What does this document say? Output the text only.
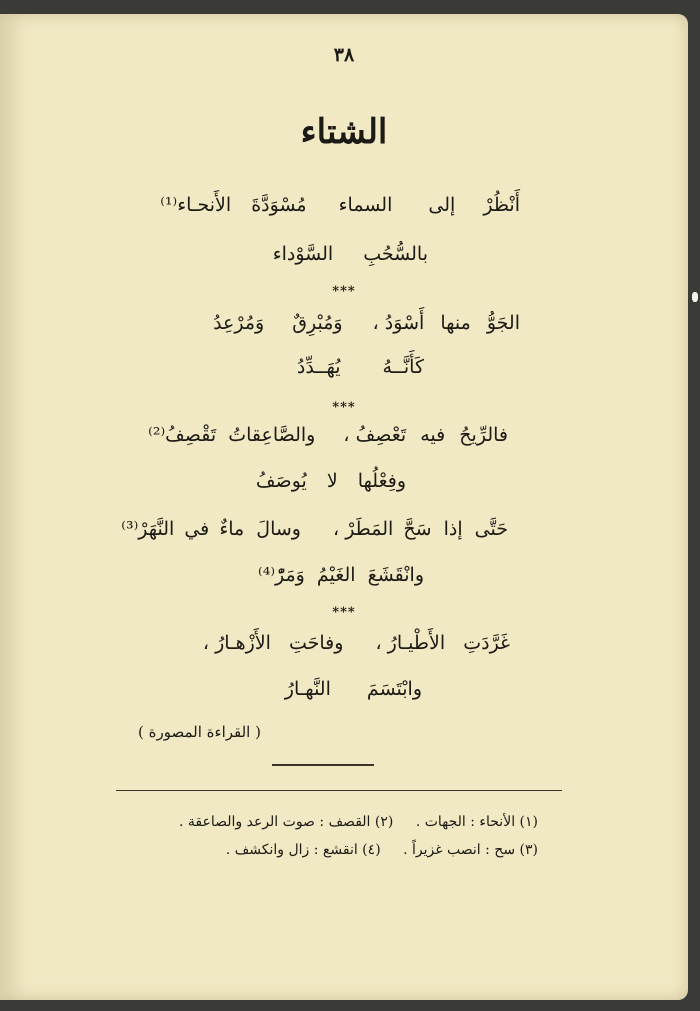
٣٨
الشتاء
أَنْظُرْ إلى السماء مُسْوَدَّةَ الأَنحـاء⁽¹⁾
بالسُّحُبِ السَّوْداء
***
الجَوُّ منها أَسْوَدُ ، وَمُبْرِقٌ وَمُرْعِدُ
كَأَنَّــهُ يُهَــدِّدُ
***
فالرِّيحُ فيه تَعْصِفُ ، والصَّاعِقاتُ تَقْصِفُ⁽²⁾
وفِعْلُها لا يُوصَفُ
حَتَّى إذا سَحَّ المَطَرْ ، وسالَ ماءٌ في النَّهَرْ⁽³⁾
وانْقَشَعَ الغَيْمُ وَمَرّْ⁽⁴⁾
***
غَرَّدَتِ الأَطْيـارُ ، وفاحَتِ الأَزْهـارُ ،
وابْتَسَمَ النَّهـارُ
( القراءة المصورة )
(١) الأنحاء : الجهات . (٢) القصف : صوت الرعد والصاعقة .
(٣) سح : انصب غزيراً . (٤) انقشع : زال وانكشف .
